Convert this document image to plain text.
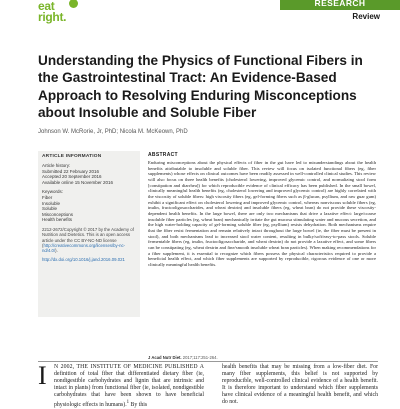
eat
right.
RESEARCH
Review
Understanding the Physics of Functional Fibers in the Gastrointestinal Tract: An Evidence-Based Approach to Resolving Enduring Misconceptions about Insoluble and Soluble Fiber
Johnson W. McRorie, Jr, PhD; Nicola M. McKeown, PhD
ARTICLE INFORMATION
Article history:
Submitted 22 February 2016
Accepted 20 September 2016
Available online 15 November 2016
Keywords:
Fiber
Insoluble
Soluble
Misconceptions
Health benefits
2212-2672/Copyright © 2017 by the Academy of Nutrition and Dietetics. This is an open access article under the CC BY-NC-ND license (http://creativecommons.org/licenses/by-nc-nd/4.0/).
http://dx.doi.org/10.1016/j.jand.2016.09.021
ABSTRACT

Enduring misconceptions about the physical effects of fiber in the gut have led to misunderstandings about the health benefits attributable to insoluble and soluble fiber. This review will focus on isolated functional fibers (eg, fiber supplements) whose effects on clinical outcomes have been readily assessed in well-controlled clinical studies. This review will also focus on three health benefits (cholesterol lowering, improved glycemic control, and normalizing stool form [constipation and diarrhea]) for which reproducible evidence of clinical efficacy has been published. In the small bowel, clinically meaningful health benefits (eg, cholesterol lowering and improved glycemic control) are highly correlated with the viscosity of soluble fibers: high viscosity fibers (eg, gel-forming fibers such as β-glucan, psyllium, and raw guar gum) exhibit a significant effect on cholesterol lowering and improved glycemic control, whereas nonviscous soluble fibers (eg, inulin, fructooligosaccharides, and wheat dextrin) and insoluble fibers (eg, wheat bran) do not provide these viscosity-dependent health benefits. In the large bowel, there are only two mechanisms that drive a laxative effect: large/coarse insoluble fiber particles (eg, wheat bran) mechanically irritate the gut mucosa stimulating water and mucous secretion, and the high water-holding capacity of gel-forming soluble fiber (eg, psyllium) resists dehydration. Both mechanisms require that the fiber resist fermentation and remain relatively intact throughout the large bowel (ie, the fiber must be present in stool), and both mechanisms lead to increased stool water content, resulting in bulky/soft/easy-to-pass stools. Soluble fermentable fibers (eg, inulin, fructooligosaccharide, and wheat dextrin) do not provide a laxative effect, and some fibers can be constipating (eg, wheat dextrin and fine/smooth insoluble wheat bran particles). When making recommendations for a fiber supplement, it is essential to recognize which fibers possess the physical characteristics required to provide a beneficial health effect, and which fiber supplements are supported by reproducible, rigorous evidence of one or more clinically meaningful health benefits.

J Acad Nutr Diet. 2017;117:251-264.
I N 2002, THE INSTITUTE OF MEDICINE PUBLISHED A definition of total fiber that differentiated dietary fiber (ie, nondigestible carbohydrates and lignin that are intrinsic and intact in plants) from functional fiber (ie, isolated, nondigestible carbohydrates that have been shown to have beneficial physiologic effects in humans).$^1$ By this

health benefits that may be missing from a low-fiber diet. For many fiber supplements, this belief is not supported by reproducible, well-controlled clinical evidence of a health benefit. It is therefore important to understand which fiber supplements have clinical evidence of a meaningful health benefit, and which do not.
